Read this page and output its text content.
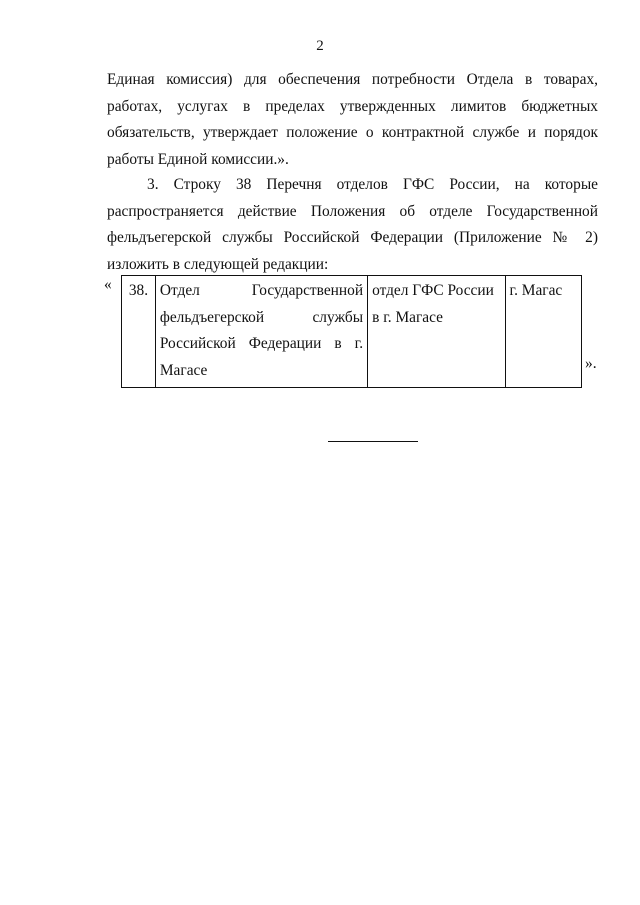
2

Единая комиссия) для обеспечения потребности Отдела в товарах, работах, услугах в пределах утвержденных лимитов бюджетных обязательств, утверждает положение о контрактной службе и порядок работы Единой комиссии.».

3. Строку 38 Перечня отделов ГФС России, на которые распространяется действие Положения об отделе Государственной фельдъегерской службы Российской Федерации (Приложение № 2) изложить в следующей редакции:

« 38.	Отдел Государственной фельдъегерской службы Российской Федерации в г. Магасе	отдел ГФС России в г. Магасе	г. Магас
».
